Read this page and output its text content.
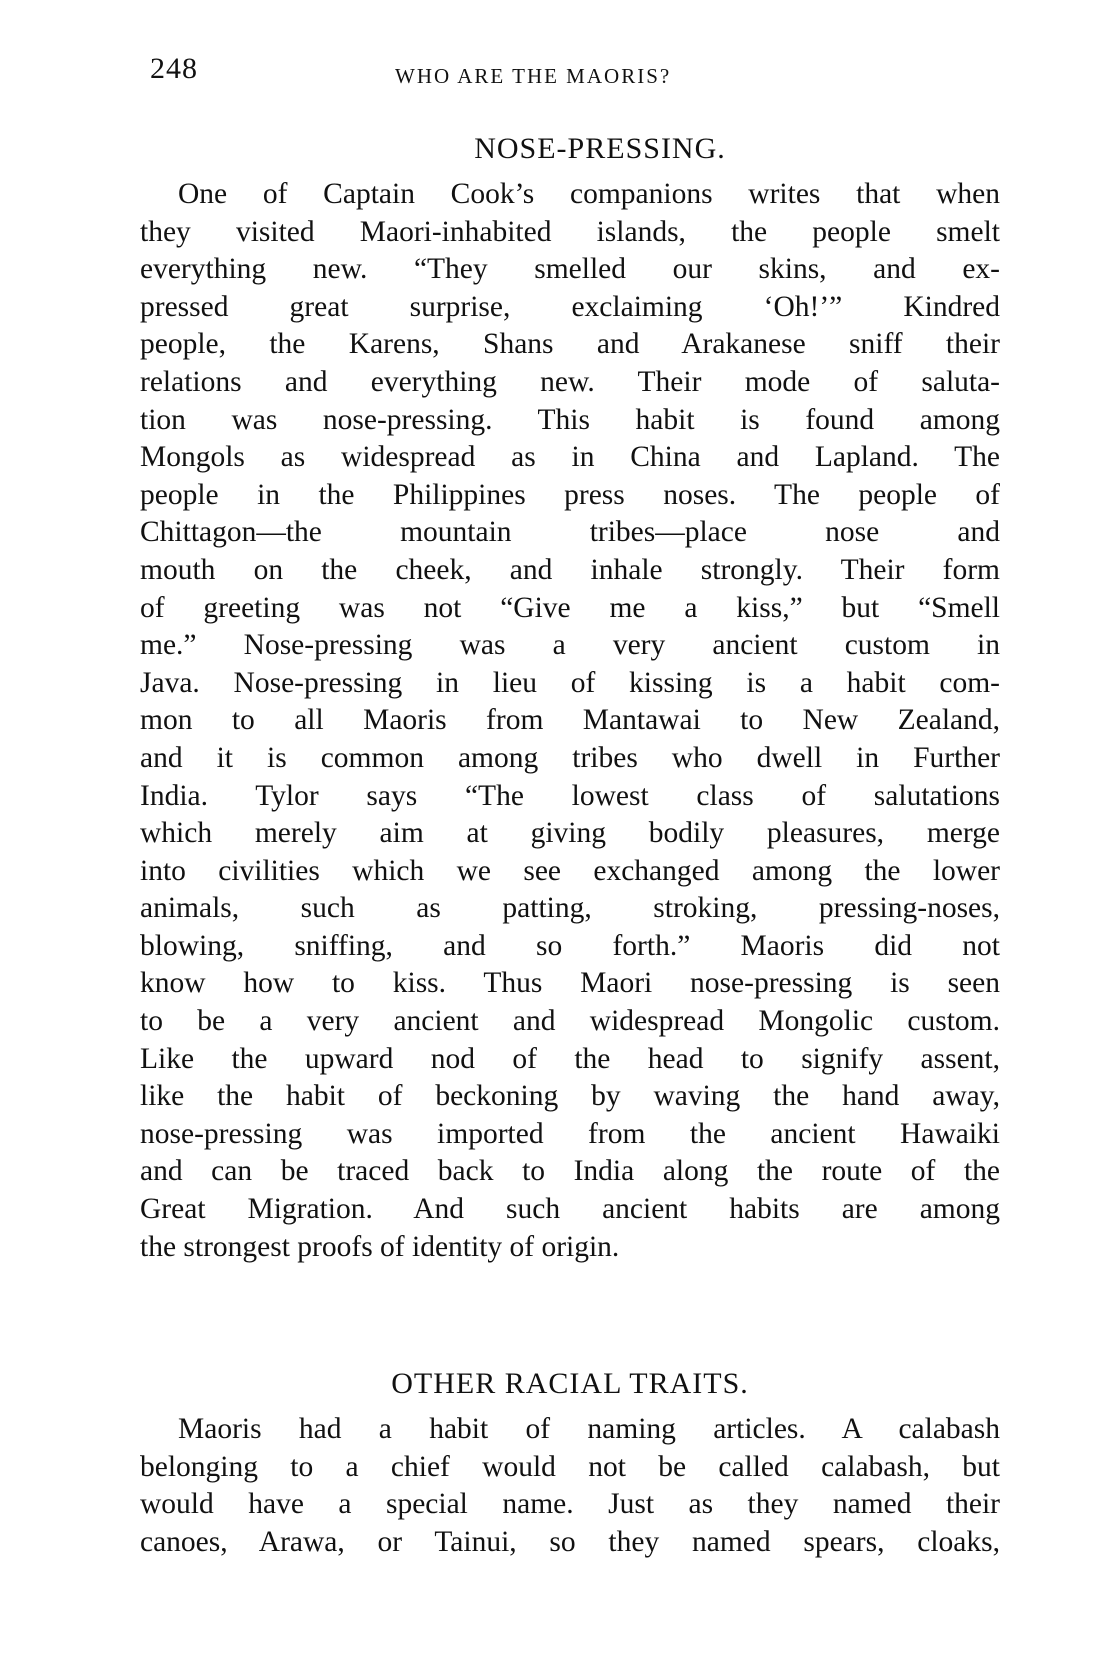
248	WHO ARE THE MAORIS?
NOSE-PRESSING.

One of Captain Cook’s companions writes that when
they visited Maori-inhabited islands, the people smelt
everything new. “They smelled our skins, and ex-
pressed great surprise, exclaiming ‘Oh!’” Kindred
people, the Karens, Shans and Arakanese sniff their
relations and everything new. Their mode of saluta-
tion was nose-pressing. This habit is found among
Mongols as widespread as in China and Lapland. The
people in the Philippines press noses. The people of
Chittagon—the mountain tribes—place nose and
mouth on the cheek, and inhale strongly. Their form
of greeting was not “Give me a kiss,” but “Smell
me.” Nose-pressing was a very ancient custom in
Java. Nose-pressing in lieu of kissing is a habit com-
mon to all Maoris from Mantawai to New Zealand,
and it is common among tribes who dwell in Further
India. Tylor says “The lowest class of salutations
which merely aim at giving bodily pleasures, merge
into civilities which we see exchanged among the lower
animals, such as patting, stroking, pressing-noses,
blowing, sniffing, and so forth.” Maoris did not
know how to kiss. Thus Maori nose-pressing is seen
to be a very ancient and widespread Mongolic custom.
Like the upward nod of the head to signify assent,
like the habit of beckoning by waving the hand away,
nose-pressing was imported from the ancient Hawaiki
and can be traced back to India along the route of the
Great Migration. And such ancient habits are among
the strongest proofs of identity of origin.

OTHER RACIAL TRAITS.

Maoris had a habit of naming articles. A calabash
belonging to a chief would not be called calabash, but
would have a special name. Just as they named their
canoes, Arawa, or Tainui, so they named spears, cloaks,
